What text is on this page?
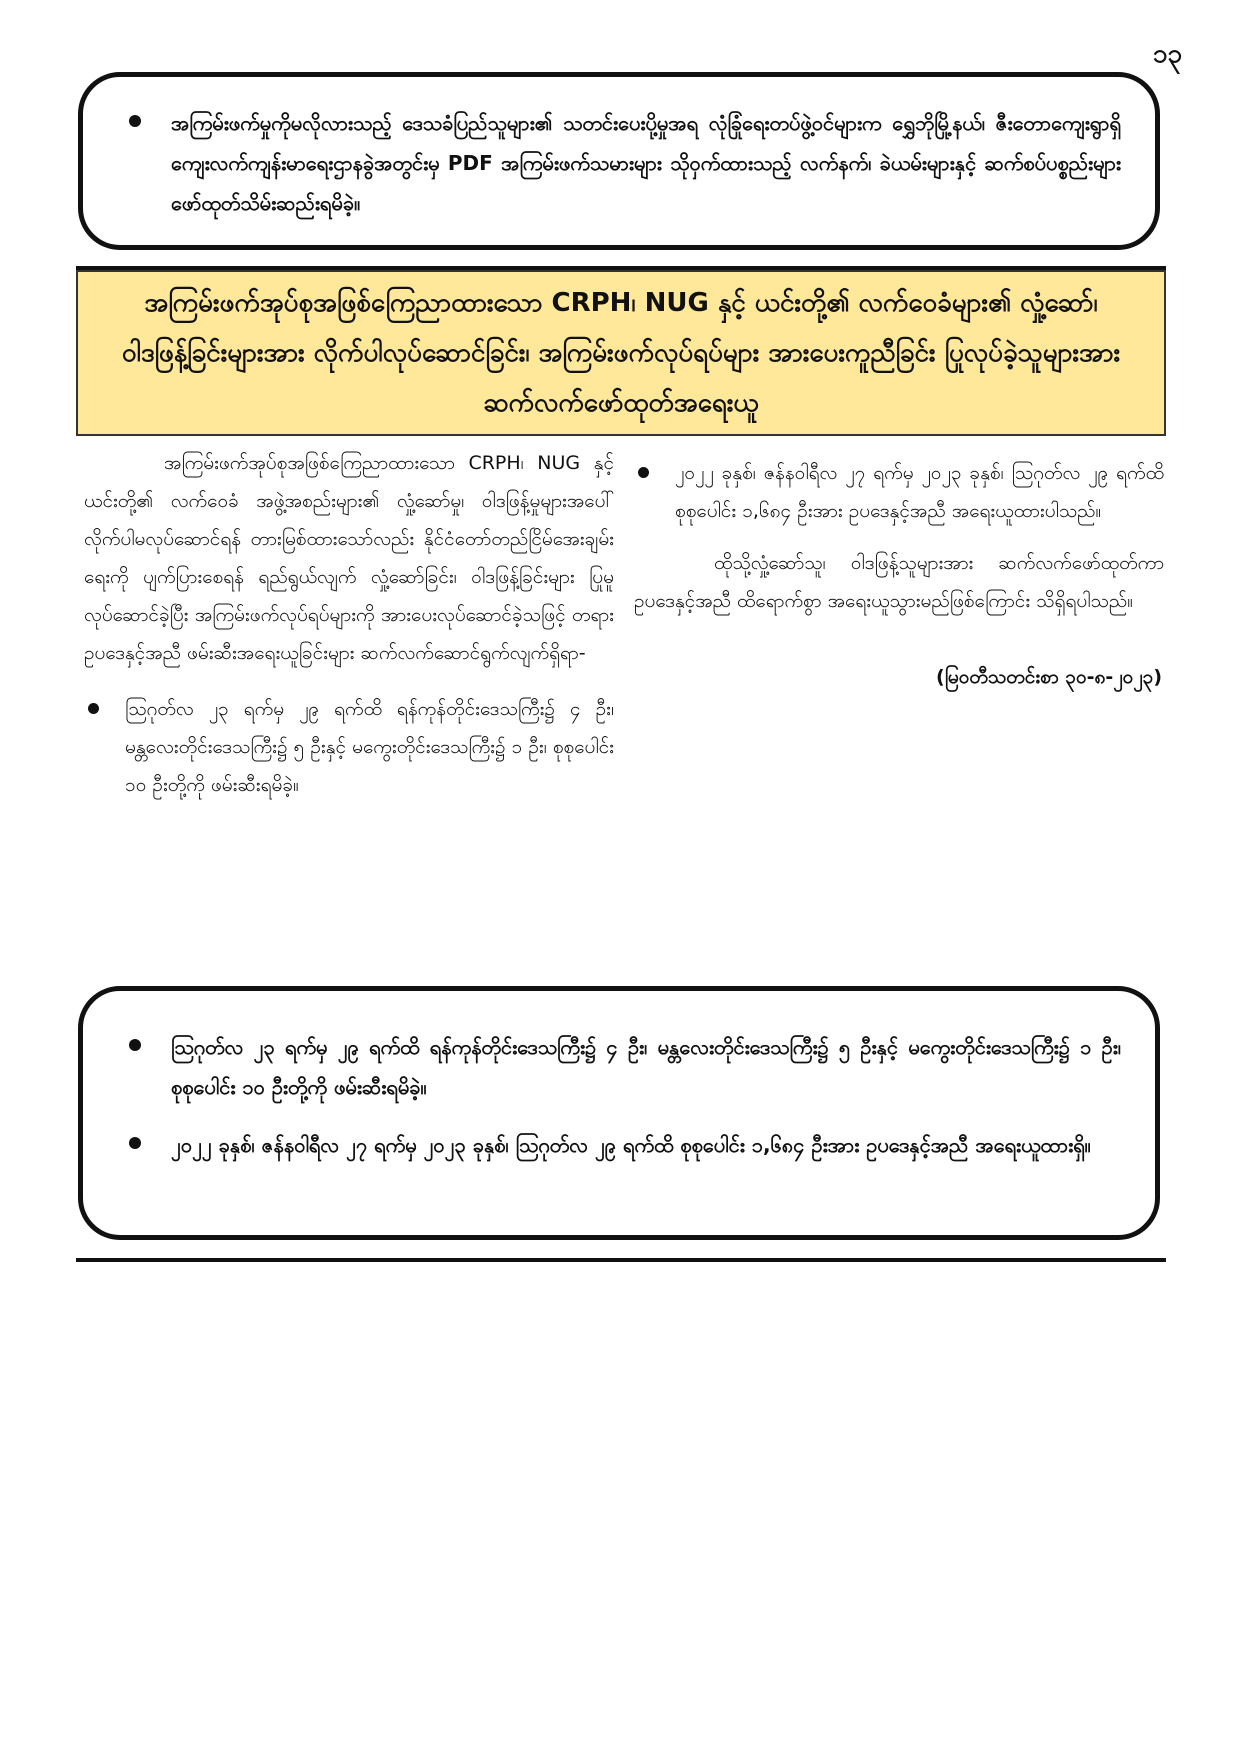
၁၃
အကြမ်းဖက်မှုကိုမလိုလားသည့် ဒေသခံပြည်သူများ၏ သတင်းပေးပို့မှုအရ လုံခြုံရေးတပ်ဖွဲ့ဝင်များက ရွှေဘိုမြို့နယ်၊ ဇီးတောကျေးရွာရှိ ကျေးလက်ကျန်းမာရေးဌာနခွဲအတွင်းမှ PDF အကြမ်းဖက်သမားများ သိုဝှက်ထားသည့် လက်နက်၊ ခဲယမ်းများနှင့် ဆက်စပ်ပစ္စည်းများ ဖော်ထုတ်သိမ်းဆည်းရမိခဲ့။
အကြမ်းဖက်အုပ်စုအဖြစ်ကြေညာထားသော CRPH၊ NUG နှင့် ယင်းတို့၏ လက်ဝေခံများ၏ လှုံ့ဆော်၊ ဝါဒဖြန့်ခြင်းများအား လိုက်ပါလုပ်ဆောင်ခြင်း၊ အကြမ်းဖက်လုပ်ရပ်များ အားပေးကူညီခြင်း ပြုလုပ်ခဲ့သူများအား ဆက်လက်ဖော်ထုတ်အရေးယူ

အကြမ်းဖက်အုပ်စုအဖြစ်ကြေညာထားသော CRPH၊ NUG နှင့် ယင်းတို့၏ လက်ဝေခံ အဖွဲ့အစည်းများ၏ လှုံ့ဆော်မှု၊ ဝါဒဖြန့်မှုများအပေါ် လိုက်ပါမလုပ်ဆောင်ရန် တားမြစ်ထားသော်လည်း နိုင်ငံတော်တည်ငြိမ်အေးချမ်းရေးကို ပျက်ပြားစေရန် ရည်ရွယ်လျက် လှုံ့ဆော်ခြင်း၊ ဝါဒဖြန့်ခြင်းများ ပြုမူလုပ်ဆောင်ခဲ့ပြီး အကြမ်းဖက်လုပ်ရပ်များကို အားပေးလုပ်ဆောင်ခဲ့သဖြင့် တရားဥပဒေနှင့်အညီ ဖမ်းဆီးအရေးယူခြင်းများ ဆက်လက်ဆောင်ရွက်လျက်ရှိရာ-

ဩဂုတ်လ ၂၃ ရက်မှ ၂၉ ရက်ထိ ရန်ကုန်တိုင်းဒေသကြီး၌ ၄ ဦး၊ မန္တလေးတိုင်းဒေသကြီး၌ ၅ ဦးနှင့် မကွေးတိုင်းဒေသကြီး၌ ၁ ဦး၊ စုစုပေါင်း ၁၀ ဦးတို့ကို ဖမ်းဆီးရမိခဲ့။

၂၀၂၂ ခုနှစ်၊ ဇန်နဝါရီလ ၂၇ ရက်မှ ၂၀၂၃ ခုနှစ်၊ ဩဂုတ်လ ၂၉ ရက်ထိ စုစုပေါင်း ၁,၆၈၄ ဦးအား ဥပဒေနှင့်အညီ အရေးယူထားပါသည်။

ထိုသို့လှုံ့ဆော်သူ၊ ဝါဒဖြန့်သူများအား ဆက်လက်ဖော်ထုတ်ကာ ဥပဒေနှင့်အညီ ထိရောက်စွာ အရေးယူသွားမည်ဖြစ်ကြောင်း သိရှိရပါသည်။

(မြဝတီသတင်းစာ ၃၀-၈-၂၀၂၃)
ဩဂုတ်လ ၂၃ ရက်မှ ၂၉ ရက်ထိ ရန်ကုန်တိုင်းဒေသကြီး၌ ၄ ဦး၊ မန္တလေးတိုင်းဒေသကြီး၌ ၅ ဦးနှင့် မကွေးတိုင်းဒေသကြီး၌ ၁ ဦး၊ စုစုပေါင်း ၁၀ ဦးတို့ကို ဖမ်းဆီးရမိခဲ့။
၂၀၂၂ ခုနှစ်၊ ဇန်နဝါရီလ ၂၇ ရက်မှ ၂၀၂၃ ခုနှစ်၊ ဩဂုတ်လ ၂၉ ရက်ထိ စုစုပေါင်း ၁,၆၈၄ ဦးအား ဥပဒေနှင့်အညီ အရေးယူထားရှိ။
